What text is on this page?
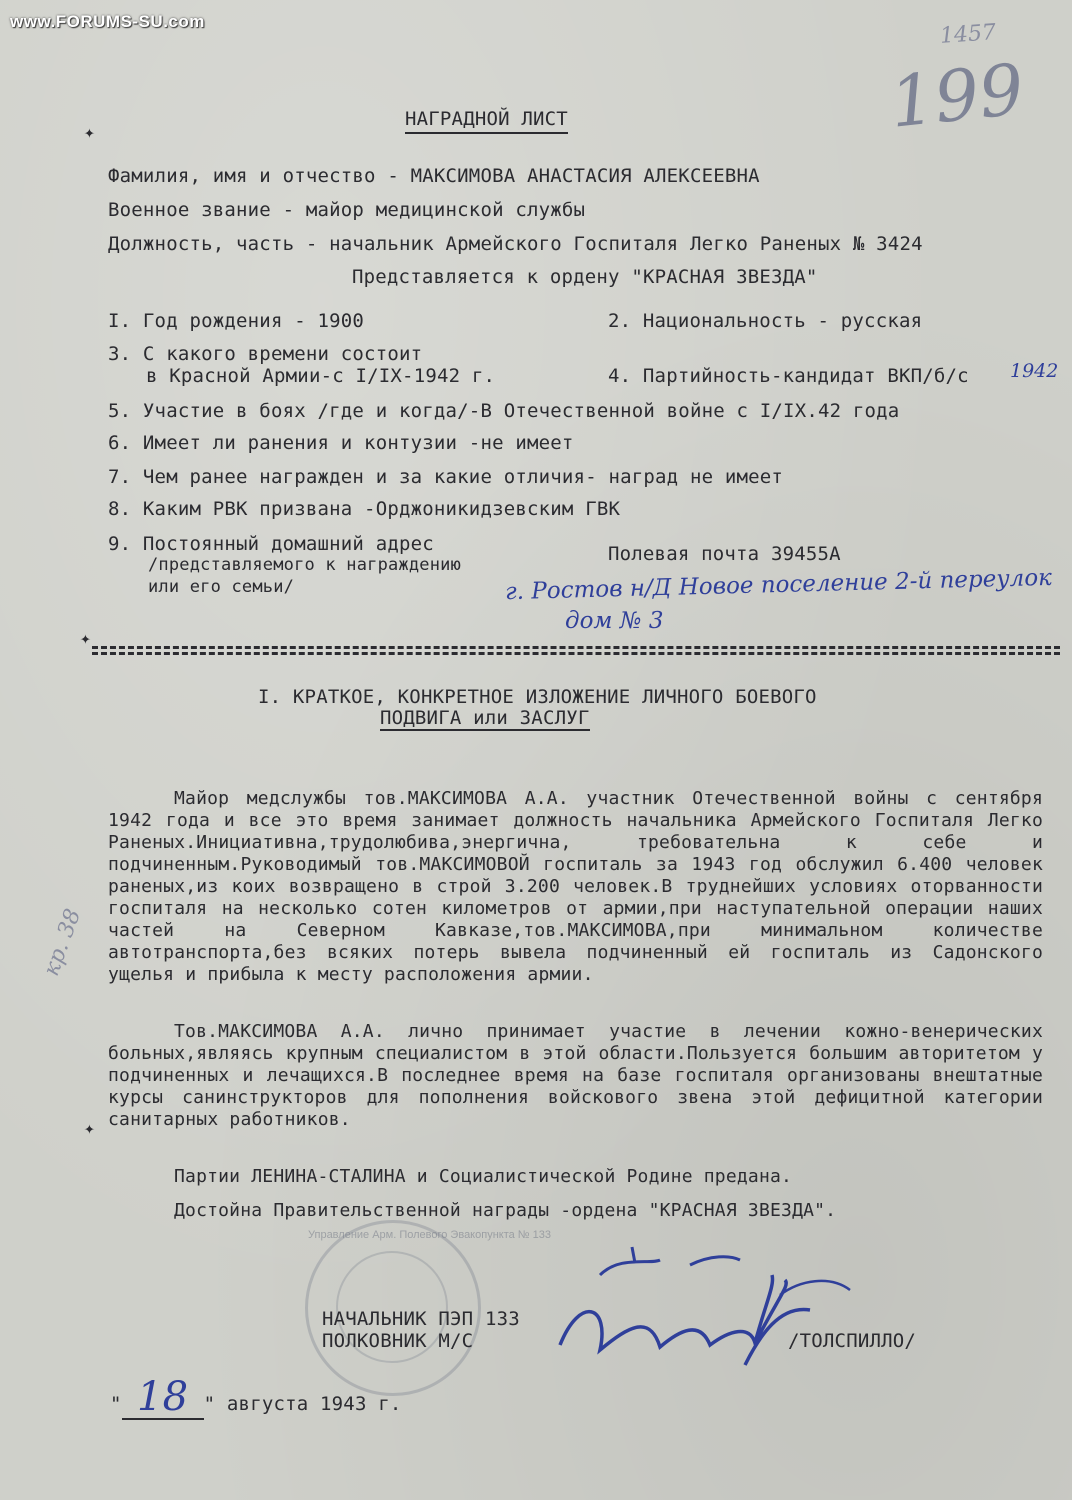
www.FORUMS-SU.com	1457
199
кр. 38
✦
✦
✦
НАГРАДНОЙ ЛИСТ
Фамилия, имя и отчество - МАКСИМОВА АНАСТАСИЯ АЛЕКСЕЕВНА
Военное звание - майор медицинской службы
Должность, часть - начальник Армейского Госпиталя Легко Раненых № 3424
Представляется к ордену "КРАСНАЯ ЗВЕЗДА"
I. Год рождения - 1900	2. Национальность - русская
3. С какого времени состоит
в Красной Армии-с I/IX-1942 г.	4. Партийность-кандидат ВКП/б/с 1942
5. Участие в боях /где и когда/-В Отечественной войне с I/IX.42 года
6. Имеет ли ранения и контузии -не имеет
7. Чем ранее награжден и за какие отличия- наград не имеет
8. Каким РВК призвана -Орджоникидзевским ГВК
9. Постоянный домашний адрес
/представляемого к награждению
или его семьи/
Полевая почта 39455А
г. Ростов н/Д Новое поселение 2-й переулок
дом № 3
I. КРАТКОЕ, КОНКРЕТНОЕ ИЗЛОЖЕНИЕ ЛИЧНОГО БОЕВОГО
ПОДВИГА или ЗАСЛУГ
Майор медслужбы тов.МАКСИМОВА А.А. участник Отечественной войны с сентября 1942 года и все это время занимает должность начальника Армейского Госпиталя Легко Раненых.Инициативна,трудолюбива,энергична, требовательна к себе и подчиненным.Руководимый тов.МАКСИМОВОЙ госпиталь за 1943 год обслужил 6.400 человек раненых,из коих возвращено в строй 3.200 человек.В труднейших условиях оторванности госпиталя на несколько сотен километров от армии,при наступательной операции наших частей на Северном Кавказе,тов.МАКСИМОВА,при минимальном количестве автотранспорта,без всяких потерь вывела подчиненный ей госпиталь из Садонского ущелья и прибыла к месту расположения армии.
Тов.МАКСИМОВА А.А. лично принимает участие в лечении кожно-венерических больных,являясь крупным специалистом в этой области.Пользуется большим авторитетом у подчиненных и лечащихся.В последнее время на базе госпиталя организованы внештатные курсы санинструкторов для пополнения войскового звена этой дефицитной категории санитарных работников.
Партии ЛЕНИНА-СТАЛИНА и Социалистической Родине предана.
Достойна Правительственной награды -ордена "КРАСНАЯ ЗВЕЗДА".
Управление Арм. Полевого Эвакопункта № 133
НАЧАЛЬНИК ПЭП 133
ПОЛКОВНИК М/С	/ТОЛСПИЛЛО/
" 18 " августа 1943 г.
